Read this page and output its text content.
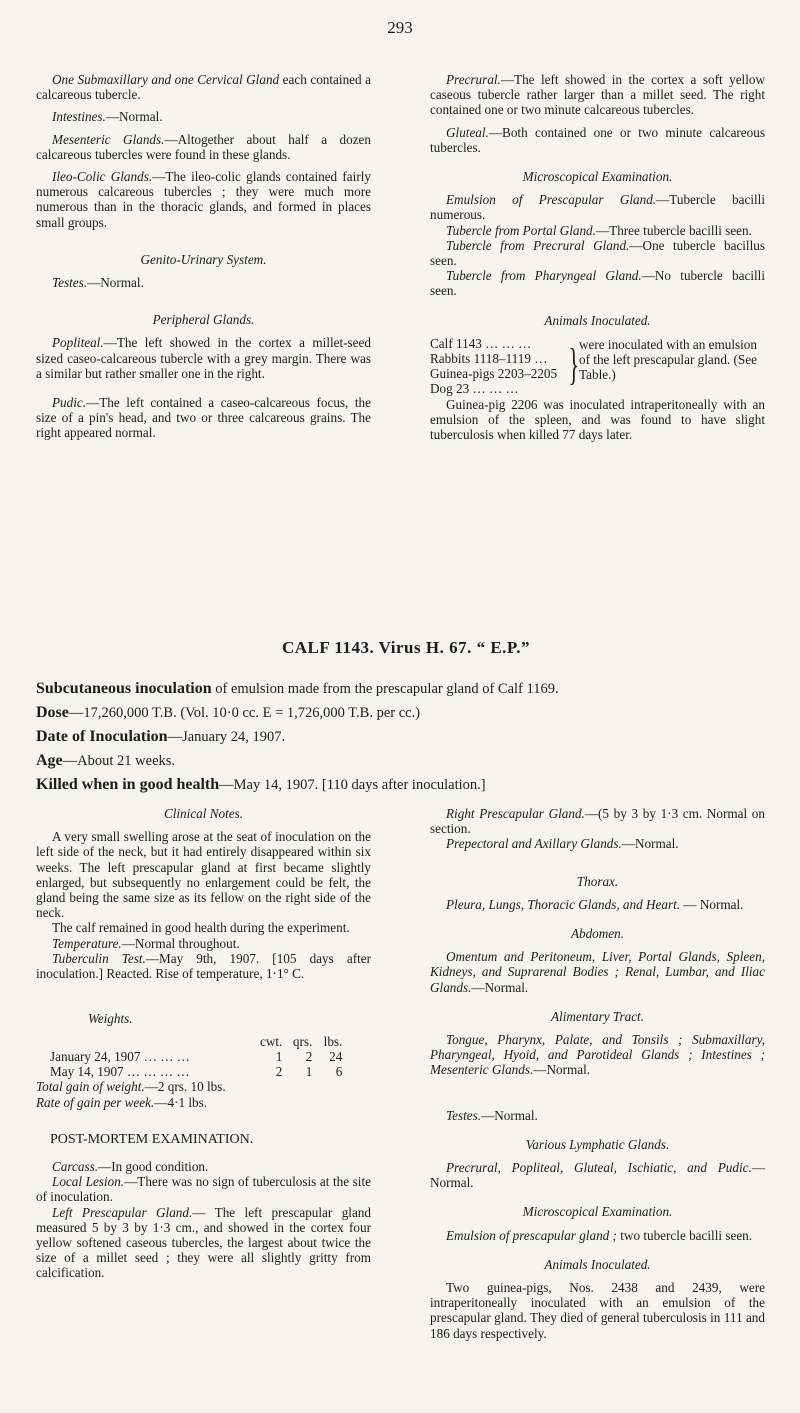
293

One Submaxillary and one Cervical Gland each contained a calcareous tubercle.

Intestines.—Normal.

Mesenteric Glands.—Altogether about half a dozen calcareous tubercles were found in these glands.

Ileo-Colic Glands.—The ileo-colic glands contained fairly numerous calcareous tubercles ; they were much more numerous than in the thoracic glands, and formed in places small groups.

Genito-Urinary System.

Testes.—Normal.

Peripheral Glands.

Popliteal.—The left showed in the cortex a millet-seed sized caseo-calcareous tubercle with a grey margin. There was a similar but rather smaller one in the right.

Pudic.—The left contained a caseo-calcareous focus, the size of a pin's head, and two or three calcareous grains. The right appeared normal.

Precrural.—The left showed in the cortex a soft yellow caseous tubercle rather larger than a millet seed. The right contained one or two minute calcareous tubercles.

Gluteal.—Both contained one or two minute calcareous tubercles.

Microscopical Examination.

Emulsion of Prescapular Gland.—Tubercle bacilli numerous.

Tubercle from Portal Gland.—Three tubercle bacilli seen.

Tubercle from Precrural Gland.—One tubercle bacillus seen.

Tubercle from Pharyngeal Gland.—No tubercle bacilli seen.

Animals Inoculated.

Calf 1143 … … …
Rabbits 1118–1119 …
Guinea-pigs 2203–2205
Dog 23 … … …
} were inoculated with an emulsion of the left prescapular gland. (See Table.)

Guinea-pig 2206 was inoculated intraperitoneally with an emulsion of the spleen, and was found to have slight tuberculosis when killed 77 days later.

CALF 1143. Virus H. 67. “ E.P.”
Subcutaneous inoculation of emulsion made from the prescapular gland of Calf 1169.
Dose—17,260,000 T.B. (Vol. 10·0 cc. E = 1,726,000 T.B. per cc.)
Date of Inoculation—January 24, 1907.
Age—About 21 weeks.
Killed when in good health—May 14, 1907. [110 days after inoculation.]

Clinical Notes.

A very small swelling arose at the seat of inoculation on the left side of the neck, but it had entirely disappeared within six weeks. The left prescapular gland at first became slightly enlarged, but subsequently no enlargement could be felt, the gland being the same size as its fellow on the right side of the neck.

The calf remained in good health during the experiment.

Temperature.—Normal throughout.

Tuberculin Test.—May 9th, 1907. [105 days after inoculation.] Reacted. Rise of temperature, 1·1° C.

Weights.

	cwt.	qrs.	lbs.
January 24, 1907 … … …	1	2	24
May 14, 1907 … … … …	2	1	6

Total gain of weight.—2 qrs. 10 lbs.

Rate of gain per week.—4·1 lbs.

POST-MORTEM EXAMINATION.

Carcass.—In good condition.

Local Lesion.—There was no sign of tuberculosis at the site of inoculation.

Left Prescapular Gland.— The left prescapular gland measured 5 by 3 by 1·3 cm., and showed in the cortex four yellow softened caseous tubercles, the largest about twice the size of a millet seed ; they were all slightly gritty from calcification.

Right Prescapular Gland.—(5 by 3 by 1·3 cm. Normal on section.

Prepectoral and Axillary Glands.—Normal.

Thorax.

Pleura, Lungs, Thoracic Glands, and Heart. — Normal.

Abdomen.

Omentum and Peritoneum, Liver, Portal Glands, Spleen, Kidneys, and Suprarenal Bodies ; Renal, Lumbar, and Iliac Glands.—Normal.

Alimentary Tract.

Tongue, Pharynx, Palate, and Tonsils ; Submaxillary, Pharyngeal, Hyoid, and Parotideal Glands ; Intestines ; Mesenteric Glands.—Normal.

Testes.—Normal.

Various Lymphatic Glands.

Precrural, Popliteal, Gluteal, Ischiatic, and Pudic.— Normal.

Microscopical Examination.

Emulsion of prescapular gland ; two tubercle bacilli seen.

Animals Inoculated.

Two guinea-pigs, Nos. 2438 and 2439, were intraperitoneally inoculated with an emulsion of the prescapular gland. They died of general tuberculosis in 111 and 186 days respectively.
